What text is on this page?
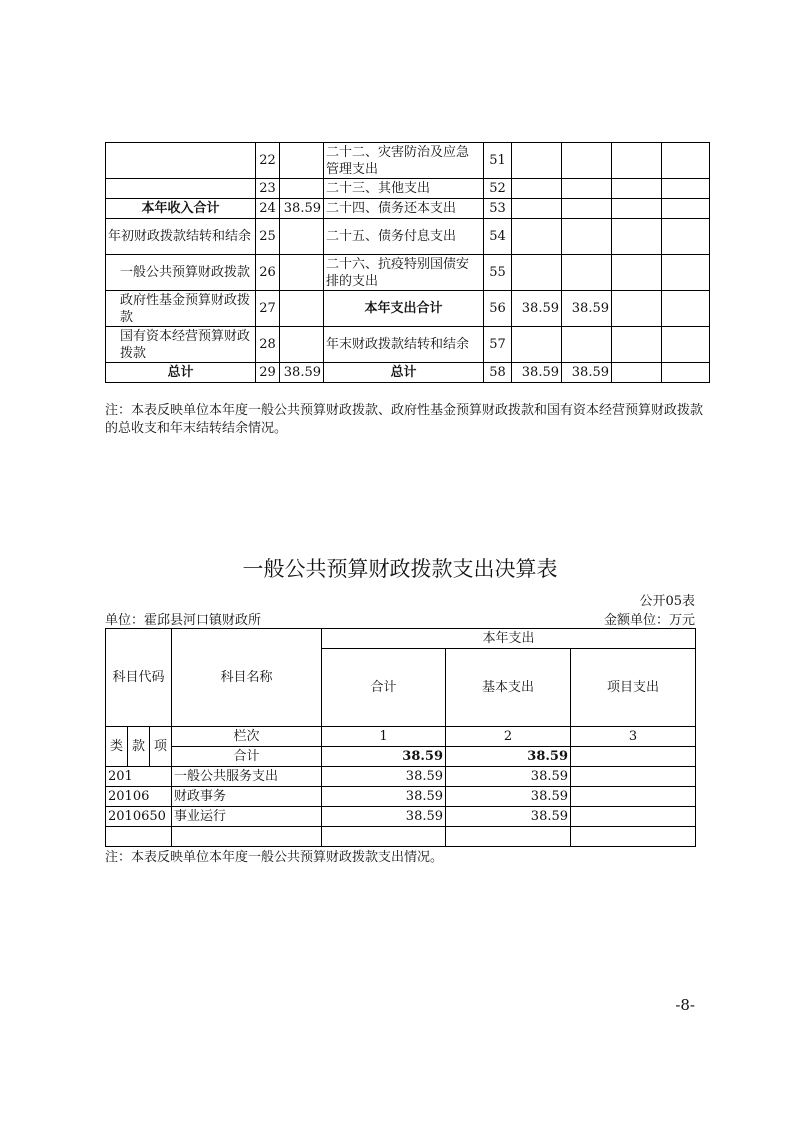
	22		二十二、灾害防治及应急管理支出	51				
	23		二十三、其他支出	52				
本年收入合计	24	38.59	二十四、债务还本支出	53				
年初财政拨款结转和结余	25		二十五、债务付息支出	54				
一般公共预算财政拨款	26		二十六、抗疫特别国债安排的支出	55				
政府性基金预算财政拨款	27		本年支出合计	56	38.59	38.59		
国有资本经营预算财政拨款	28		年末财政拨款结转和结余	57				
总计	29	38.59	总计	58	38.59	38.59		
注：本表反映单位本年度一般公共预算财政拨款、政府性基金预算财政拨款和国有资本经营预算财政拨款的总收支和年末结转结余情况。
一般公共预算财政拨款支出决算表
公开05表
单位：霍邱县河口镇财政所	金额单位：万元
科目代码			科目名称	本年支出		
				合计	基本支出	项目支出
类	款	项	栏次	1	2	3
			合计	38.59	38.59	
201			一般公共服务支出	38.59	38.59	
20106			财政事务	38.59	38.59	
2010650			事业运行	38.59	38.59	

注：本表反映单位本年度一般公共预算财政拨款支出情况。
-8-
